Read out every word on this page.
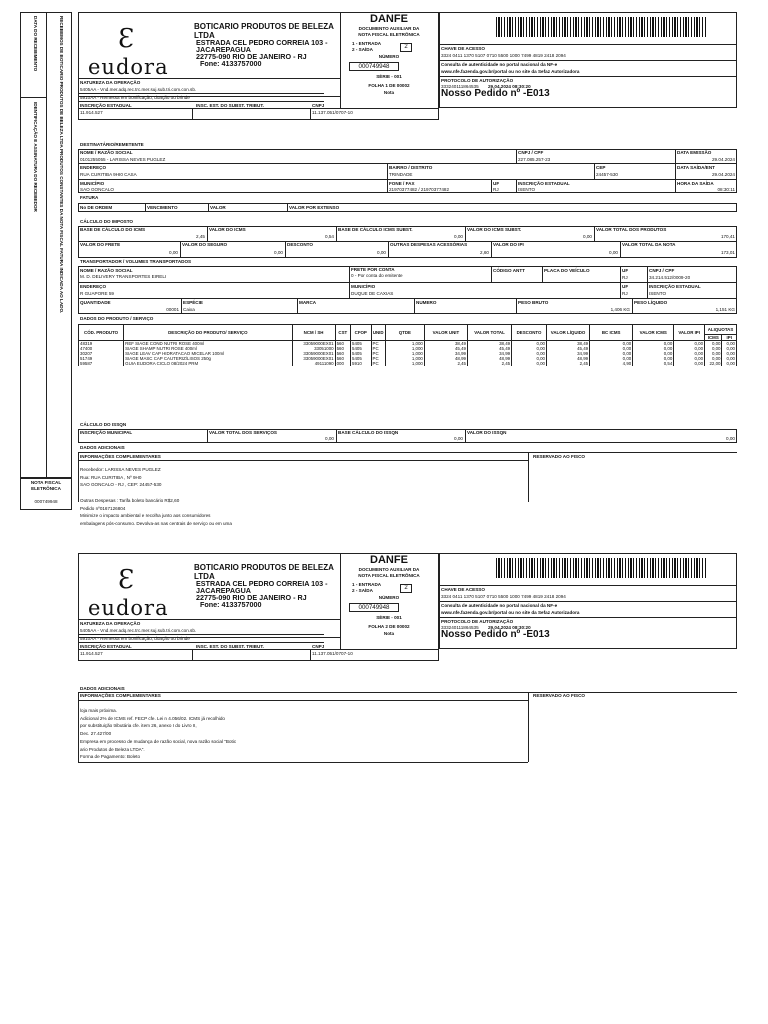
DATA DO RECEBIMENTO
IDENTIFICAÇÃO E ASSINATURA DO RECEBEDOR	RECEBEMOS DE BOTICARIO PRODUTOS DE BELEZA LTDA PRODUTOS CONSTANTES DA NOTA FISCAL FATURA INDICADA AO LADO.
NOTA FISCAL ELETRÔNICA
000749948
Ɛ
eudora
BOTICARIO PRODUTOS DE BELEZA LTDA
ESTRADA CEL PEDRO CORREIA 103 - JACAREPAGUA
22775-090 RIO DE JANEIRO - RJ
Fone: 4133757000
NATUREZA DA OPERAÇÃO
5405AA - Vnd.mer.adq.rec.trc.mer.suj.sub.tri.com.con.sb.
5910AA - Remessa em bonificação, doação ou brinde
INSCRIÇÃO ESTADUAL
11.914.527
INSC. EST. DO SUBST. TRIBUT.	CNPJ
11.137.051/0707-10
DANFE
DOCUMENTO AUXILIAR DA
NOTA FISCAL ELETRÔNICA
1 - ENTRADA
2 - SAÍDA	2
NÚMERO
000749948
SÉRIE - 001
FOLHA 1 DE 00002
Nota
CHAVE DE ACESSO
3324 0411 1370 5107 0710 5500 1000 7499 4819 2418 2094
Consulta de autenticidade no portal nacional da NF-e
www.nfe.fazenda.gov.br/portal ou no site da Sefaz Autorizadora
PROTOCOLO DE AUTORIZAÇÃO
333240111864535 29.04.2024 08:30:20
Nosso Pedido nº -E013
DESTINATÁRIO/REMETENTE
NOME / RAZÃO SOCIAL
0101255055 - LARISSA NEVES PUGLEZ
CNPJ / CPF
227.085.257-23
DATA EMISSÃO
29.04.2024
ENDEREÇO
RUA CURITIBA 9HI0 CASA
BAIRRO / DISTRITO
TRINDADE
CEP
24457-530
DATA SAÍDA/ENT
29.04.2024
MUNICÍPIO
SAO GONCALO
FONE / FAX
21970377482 / 21970377482
UF
RJ
INSCRIÇÃO ESTADUAL
ISENTO
HORA DA SAÍDA
08:30:11
FATURA
No DE ORDEM	VENCIMENTO	VALOR	VALOR POR EXTENSO
CÁLCULO DO IMPOSTO
BASE DE CÁLCULO DO ICMS
2,45
VALOR DO ICMS
0,54
BASE DE CÁLCULO ICMS SUBST.
0,00
VALOR DO ICMS SUBST.
0,00
VALOR TOTAL DOS PRODUTOS
170,41
VALOR DO FRETE
0,00
VALOR DO SEGURO
0,00
DESCONTO
0,00
OUTRAS DESPESAS ACESSÓRIAS
2,60
VALOR DO IPI
0,00
VALOR TOTAL DA NOTA
173,01
TRANSPORTADOR / VOLUMES TRANSPORTADOS
NOME / RAZÃO SOCIAL
M. D. DELIVERY TRANSPORTES EIRELI
FRETE POR CONTA
0 - Por conta do emitente
CÓDIGO ANTT	PLACA DO VEÍCULO	UF
RJ
CNPJ / CPF
34.214.512/0009-20
ENDEREÇO
R GUAPORE 59
MUNICÍPIO
DUQUE DE CAXIAS
UF
RJ
INSCRIÇÃO ESTADUAL
ISENTO
QUANTIDADE
00001
ESPÉCIE
Caixa
MARCA	NUMERO	PESO BRUTO
1,406 KG
PESO LÍQUIDO
1,151 KG
DADOS DO PRODUTO / SERVIÇO
CÓD. PRODUTO	DESCRIÇÃO DO PRODUTO/ SERVIÇO	NCM / SH	CST	CFOP	UNID	QTDE	VALOR UNIT	VALOR TOTAL	DESCONTO	VALOR LÍQUIDO	BC ICMS	VALOR ICMS	VALOR IPI	ALIQUOTAS	
														ICMS	IPI
48319	REF SIAGE COND NUTRI ROSE 400ml	33059000EX01	560	5405	PC	1,000	38,49	38,49	0,00	38,49	0,00	0,00	0,00	0,00	0,00
47400	SIAGE SHAMP NUTRI ROSE 400ml	33051000	560	5405	PC	1,000	45,49	45,49	0,00	45,49	0,00	0,00	0,00	0,00	0,00
30207	SIAGE LEAV CAP HIDRATACAO MICELAR 100ml	33059000EX01	560	5405	PC	1,000	34,99	34,99	0,00	34,99	0,00	0,00	0,00	0,00	0,00
51749	SIAGE MASC CAP CAUTERIZ/LISOS 250g	33059000EX01	560	5405	PC	1,000	48,99	48,99	0,00	48,99	0,00	0,00	0,00	0,00	0,00
59587	GUIA EUDORA CICLO 08/2024 PRM	49111090	000	5910	PC	1,000	2,45	2,45	0,00	2,45	4,90	0,54	0,00	22,00	0,00
CÁLCULO DO ISSQN
INSCRIÇÃO MUNICIPAL	VALOR TOTAL DOS SERVIÇOS
0,00
BASE CÁLCULO DO ISSQN
0,00
VALOR DO ISSQN
0,00
DADOS ADICIONAIS
INFORMAÇÕES COMPLEMENTARES	RESERVADO AO FISCO
Recebedor: LARISSA NEVES PUGLEZ
Rua: RUA CURITIBA , Nº 9H0
SAO GONCALO - RJ , CEP: 24457-530
Outras Despesas : Tarifa boleto bancário R$2,60
Pedido nº0167126804
Minimize o impacto ambiental e recolha junto aos consumidores
embalagens pós-consumo. Devolva-as nas centrais de serviço ou em uma
Ɛ
eudora
BOTICARIO PRODUTOS DE BELEZA LTDA
ESTRADA CEL PEDRO CORREIA 103 - JACAREPAGUA
22775-090 RIO DE JANEIRO - RJ
Fone: 4133757000
NATUREZA DA OPERAÇÃO
5405AA - Vnd.mer.adq.rec.trc.mer.suj.sub.tri.com.con.sb.
5910AA - Remessa em bonificação, doação ou brinde
INSCRIÇÃO ESTADUAL
11.914.527
INSC. EST. DO SUBST. TRIBUT.	CNPJ
11.137.051/0707-10
DANFE
DOCUMENTO AUXILIAR DA
NOTA FISCAL ELETRÔNICA
1 - ENTRADA
2 - SAÍDA	2
NÚMERO
000749948
SÉRIE - 001
FOLHA 2 DE 00002
Nota
CHAVE DE ACESSO
3324 0411 1370 5107 0710 5500 1000 7499 4819 2418 2094
Consulta de autenticidade no portal nacional da NF-e
www.nfe.fazenda.gov.br/portal ou no site da Sefaz Autorizadora
PROTOCOLO DE AUTORIZAÇÃO
333240111864535 29.04.2024 08:30:20
Nosso Pedido nº -E013
DADOS ADICIONAIS
INFORMAÇÕES COMPLEMENTARES	RESERVADO AO FISCO
loja mais próxima.
Adicional 2% de ICMS ref. FECP cfe. Lei n 4.056/02. ICMS já recolhido
por substituição tributária cfe. item 26, anexo I do Livro II,
Dec. 27.427/00
Empresa em processo de mudança de razão social, nova razão social "Botic
ario Produtos de Beleza LTDA".
Forma de Pagamento: Boleto
